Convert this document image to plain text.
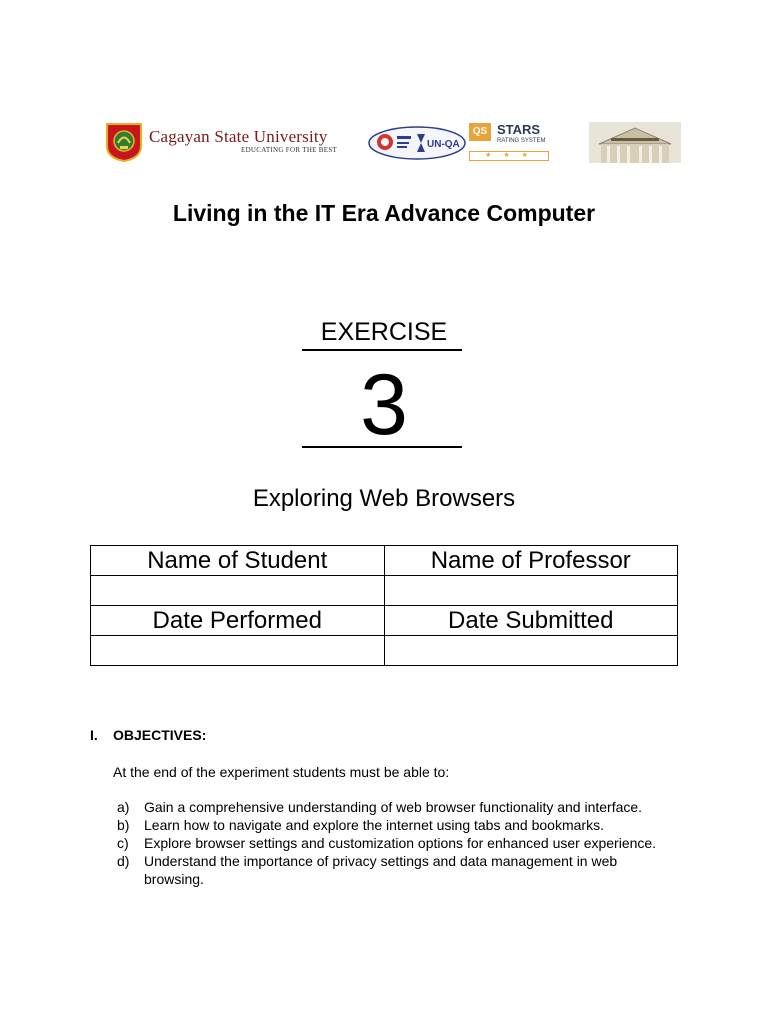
Cagayan State University
EDUCATING FOR THE BEST	UN-QA
QS STARS
RATING SYSTEM
★ ★ ★
Living in the IT Era Advance Computer
EXERCISE
3
Exploring Web Browsers
Name of Student	Name of Professor

Date Performed	Date Submitted

I. OBJECTIVES:
At the end of the experiment students must be able to:
a) Gain a comprehensive understanding of web browser functionality and interface.
b) Learn how to navigate and explore the internet using tabs and bookmarks.
c) Explore browser settings and customization options for enhanced user experience.
d) Understand the importance of privacy settings and data management in web browsing.
